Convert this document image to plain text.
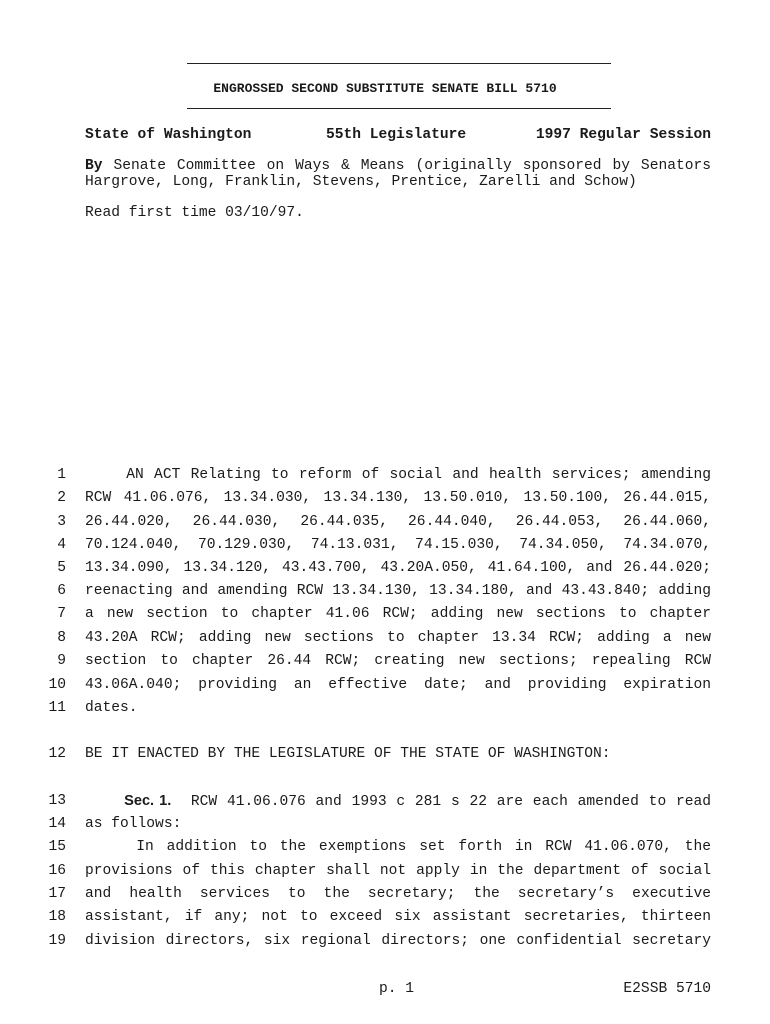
ENGROSSED SECOND SUBSTITUTE SENATE BILL 5710
State of Washington	55th Legislature	1997 Regular Session
By Senate Committee on Ways & Means (originally sponsored by Senators
Hargrove, Long, Franklin, Stevens, Prentice, Zarelli and Schow)
Read first time 03/10/97.
1 AN ACT Relating to reform of social and health services; amending
2 RCW 41.06.076, 13.34.030, 13.34.130, 13.50.010, 13.50.100, 26.44.015,
3 26.44.020, 26.44.030, 26.44.035, 26.44.040, 26.44.053, 26.44.060,
4 70.124.040, 70.129.030, 74.13.031, 74.15.030, 74.34.050, 74.34.070,
5 13.34.090, 13.34.120, 43.43.700, 43.20A.050, 41.64.100, and 26.44.020;
6 reenacting and amending RCW 13.34.130, 13.34.180, and 43.43.840; adding
7 a new section to chapter 41.06 RCW; adding new sections to chapter
8 43.20A RCW; adding new sections to chapter 13.34 RCW; adding a new
9 section to chapter 26.44 RCW; creating new sections; repealing RCW
10 43.06A.040; providing an effective date; and providing expiration
11 dates.
12 BE IT ENACTED BY THE LEGISLATURE OF THE STATE OF WASHINGTON:
13	Sec. 1.  RCW 41.06.076 and 1993 c 281 s 22 are each amended to read
14 as follows:
15 In addition to the exemptions set forth in RCW 41.06.070, the
16 provisions of this chapter shall not apply in the department of social
17 and health services to the secretary; the secretary’s executive
18 assistant, if any; not to exceed six assistant secretaries, thirteen
19 division directors, six regional directors; one confidential secretary
p. 1	E2SSB 5710
